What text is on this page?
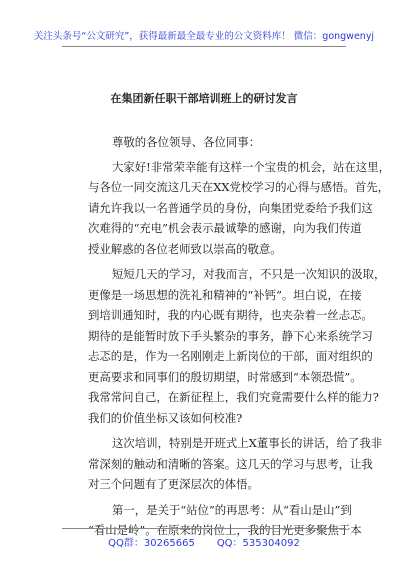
关注头条号“公文研究”，获得最新最全最专业的公文资料库！ 微信：gongwenyj
在集团新任职干部培训班上的研讨发言

尊敬的各位领导、各位同事：

大家好!非常荣幸能有这样一个宝贵的机会，站在这里，
与各位一同交流这几天在XX党校学习的心得与感悟。首先，
请允许我以一名普通学员的身份，向集团党委给予我们这
次难得的“充电”机会表示最诚挚的感谢，向为我们传道
授业解惑的各位老师致以崇高的敬意。

短短几天的学习，对我而言，不只是一次知识的汲取，
更像是一场思想的洗礼和精神的“补钙”。坦白说，在接
到培训通知时，我的内心既有期待，也夹杂着一丝忐忑。
期待的是能暂时放下手头繁杂的事务，静下心来系统学习
忐忑的是，作为一名刚刚走上新岗位的干部，面对组织的
更高要求和同事们的殷切期望，时常感到“本领恐慌”。
我常常问自己，在新征程上，我们究竟需要什么样的能力?
我们的价值坐标又该如何校准?

这次培训，特别是开班式上X董事长的讲话，给了我非
常深刻的触动和清晰的答案。这几天的学习与思考，让我
对三个问题有了更深层次的体悟。

第一，是关于“站位”的再思考：从“看山是山”到
“看山是岭”。在原来的岗位上，我的目光更多聚焦于本

QQ群：30265665 QQ：535304092
